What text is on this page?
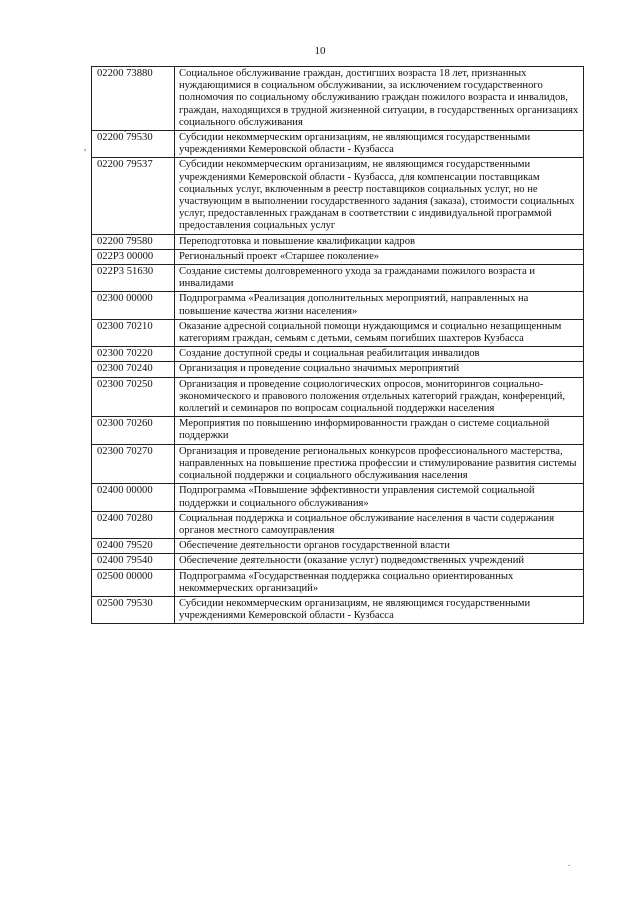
10
.
,
.
02200 73880	Социальное обслуживание граждан, достигших возраста 18 лет, признанных нуждающимися в социальном обслуживании, за исключением государственного полномочия по социальному обслуживанию граждан пожилого возраста и инвалидов, граждан, находящихся в трудной жизненной ситуации, в государственных организациях социального обслуживания
02200 79530	Субсидии некоммерческим организациям, не являющимся государственными учреждениями Кемеровской области - Кузбасса
02200 79537	Субсидии некоммерческим организациям, не являющимся государственными учреждениями Кемеровской области - Кузбасса, для компенсации поставщикам социальных услуг, включенным в реестр поставщиков социальных услуг, но не участвующим в выполнении государственного задания (заказа), стоимости социальных услуг, предоставленных гражданам в соответствии с индивидуальной программой предоставления социальных услуг
02200 79580	Переподготовка и повышение квалификации кадров
022P3 00000	Региональный проект «Старшее поколение»
022P3 51630	Создание системы долговременного ухода за гражданами пожилого возраста и инвалидами
02300 00000	Подпрограмма «Реализация дополнительных мероприятий, направленных на повышение качества жизни населения»
02300 70210	Оказание адресной социальной помощи нуждающимся и социально незащищенным категориям граждан, семьям с детьми, семьям погибших шахтеров Кузбасса
02300 70220	Создание доступной среды и социальная реабилитация инвалидов
02300 70240	Организация и проведение социально значимых мероприятий
02300 70250	Организация и проведение социологических опросов, мониторингов социально-экономического и правового положения отдельных категорий граждан, конференций, коллегий и семинаров по вопросам социальной поддержки населения
02300 70260	Мероприятия по повышению информированности граждан о системе социальной поддержки
02300 70270	Организация и проведение региональных конкурсов профессионального мастерства, направленных на повышение престижа профессии и стимулирование развития системы социальной поддержки и социального обслуживания населения
02400 00000	Подпрограмма «Повышение эффективности управления системой социальной поддержки и социального обслуживания»
02400 70280	Социальная поддержка и социальное обслуживание населения в части содержания органов местного самоуправления
02400 79520	Обеспечение деятельности органов государственной власти
02400 79540	Обеспечение деятельности (оказание услуг) подведомственных учреждений
02500 00000	Подпрограмма «Государственная поддержка социально ориентированных некоммерческих организаций»
02500 79530	Субсидии некоммерческим организациям, не являющимся государственными учреждениями Кемеровской области - Кузбасса
